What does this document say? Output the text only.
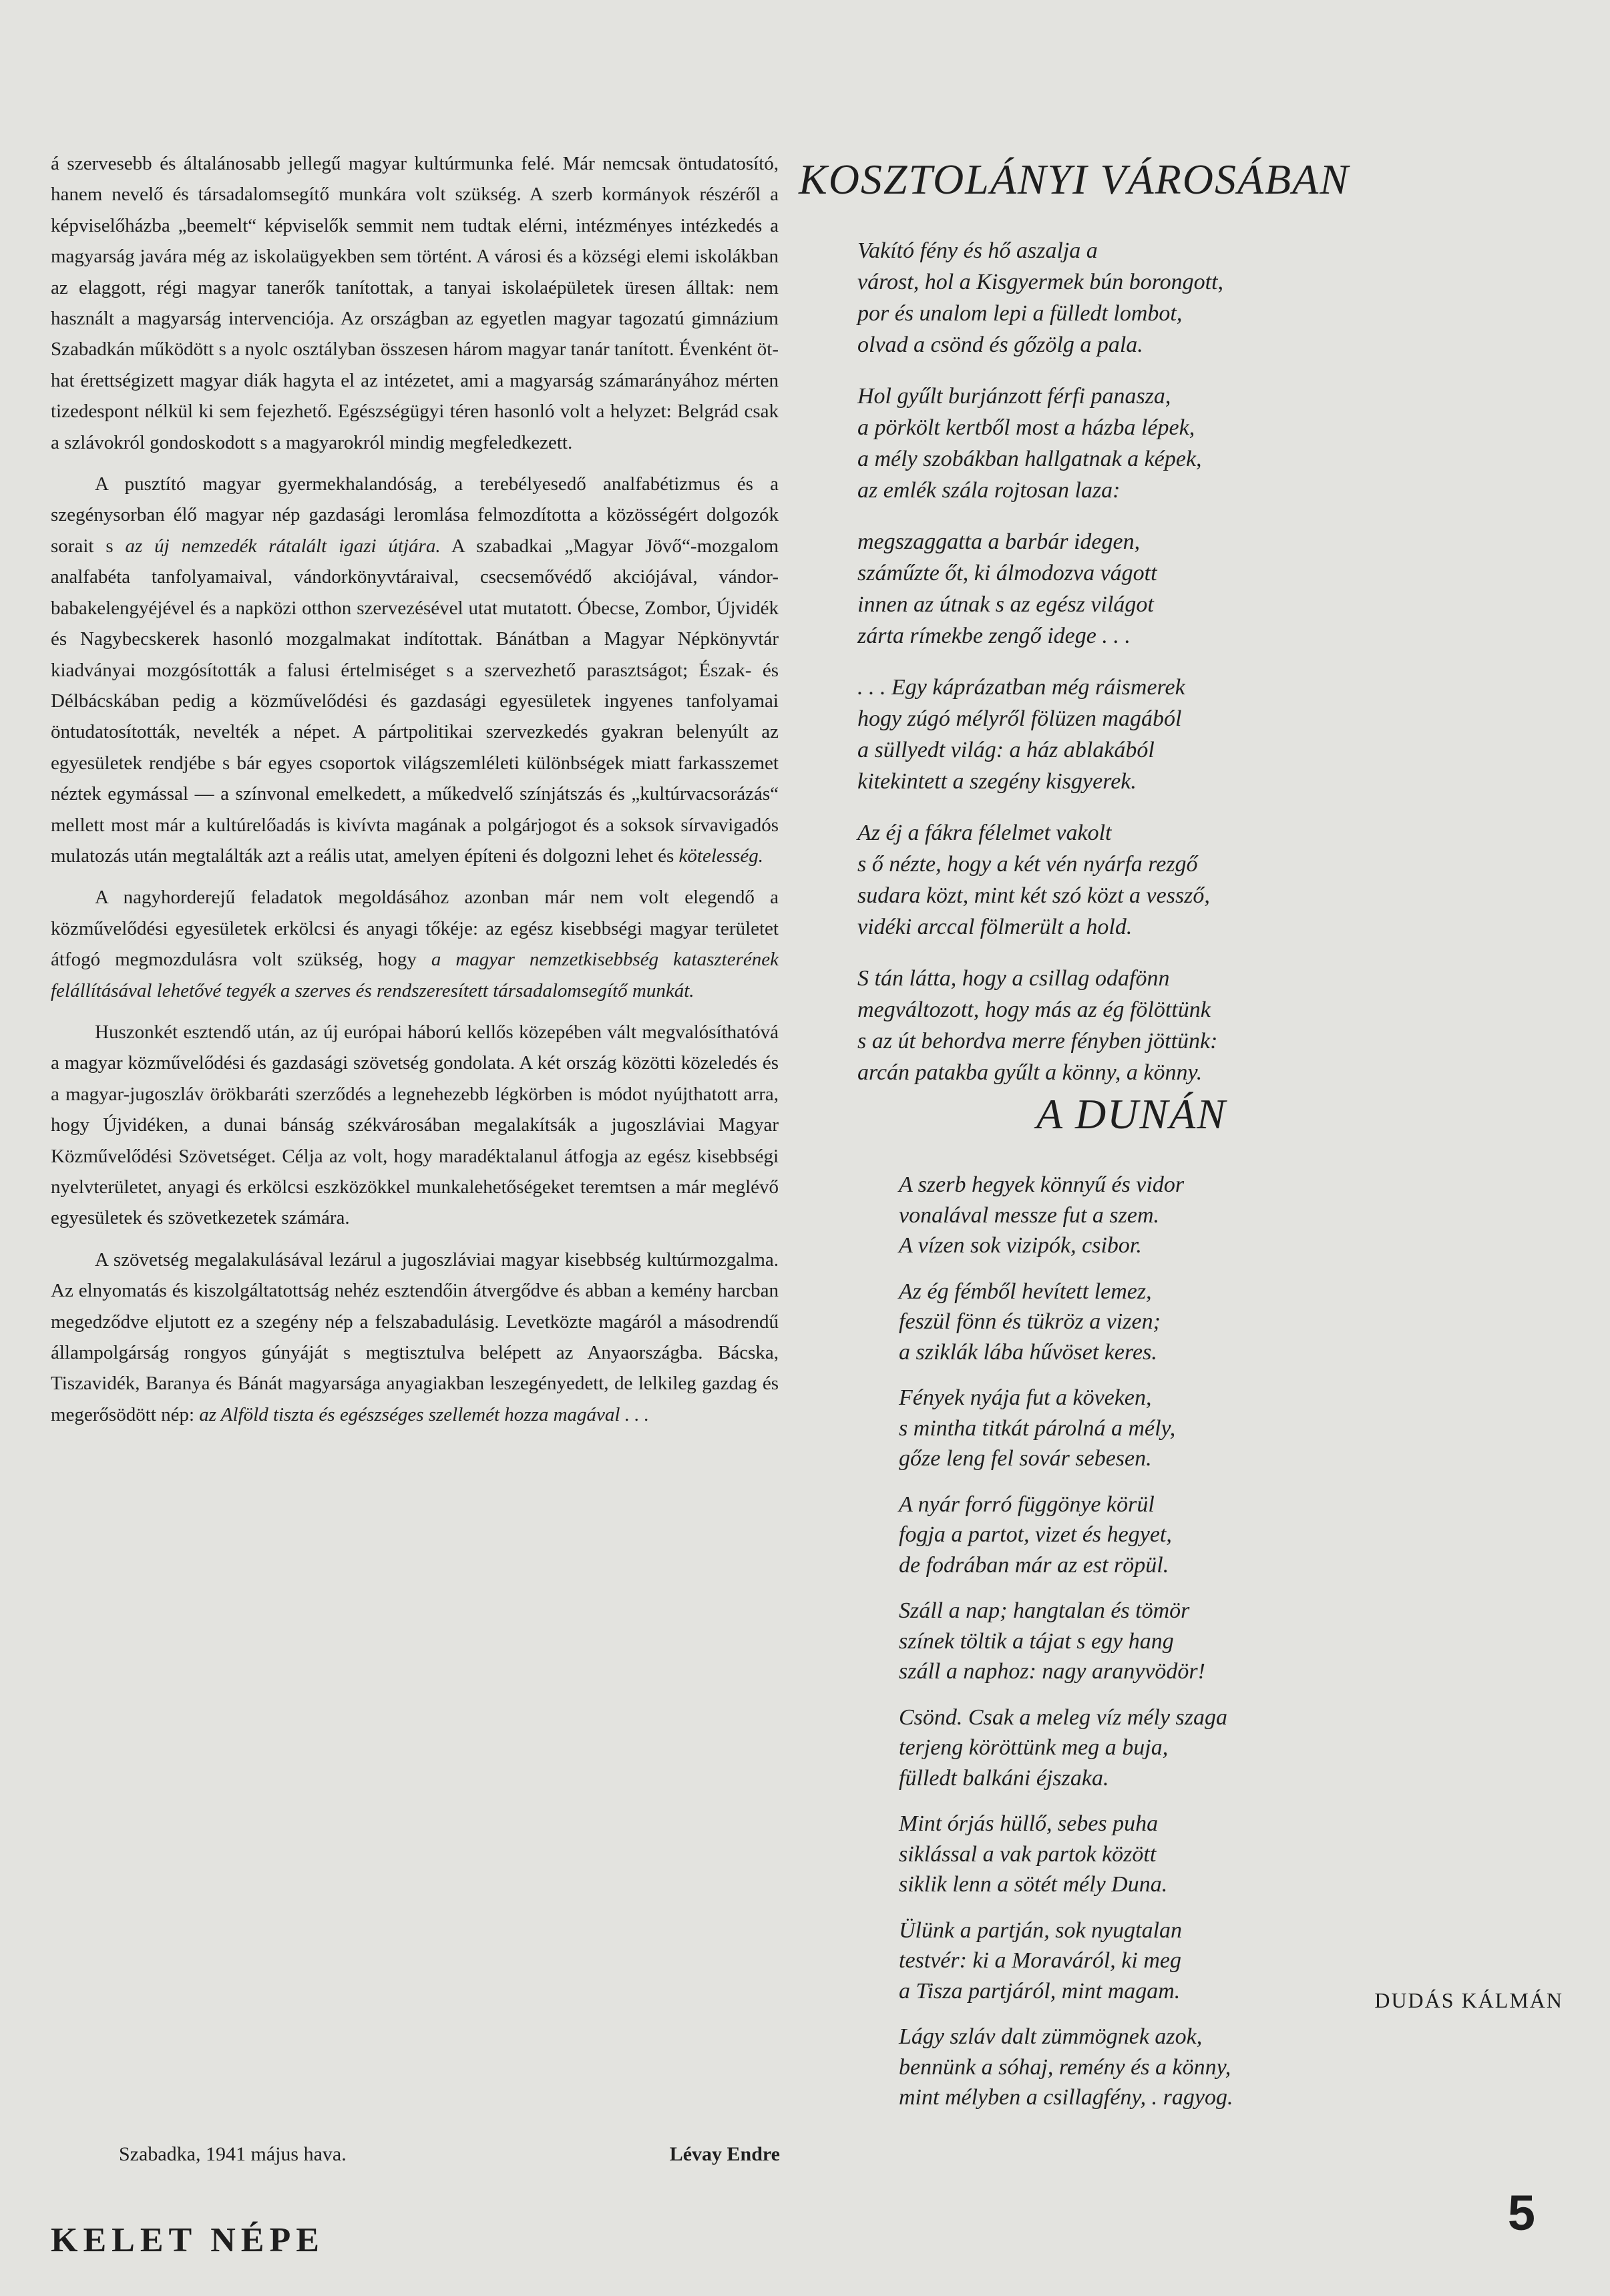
á szervesebb és általánosabb jellegű magyar kultúrmunka felé. Már nemcsak öntudatosító, hanem nevelő és társadalomsegítő munkára volt szükség. A szerb kormányok részéről a képviselőházba „beemelt“ képviselők semmit nem tudtak elérni, intézményes intézkedés a magyarság javára még az iskolaügyekben sem történt. A városi és a községi elemi iskolákban az elaggott, régi magyar tanerők tanítottak, a tanyai iskolaépületek üresen álltak: nem használt a magyarság intervenciója. Az országban az egyetlen magyar tagozatú gimnázium Szabadkán működött s a nyolc osztályban összesen három magyar tanár tanított. Évenként öt-hat érettségizett magyar diák hagyta el az intézetet, ami a magyarság számarányához mérten tizedespont nélkül ki sem fejezhető. Egészségügyi téren hasonló volt a helyzet: Belgrád csak a szlávokról gondoskodott s a magyarokról mindig megfeledkezett.

A pusztító magyar gyermekhalandóság, a terebélyesedő analfabétizmus és a szegénysorban élő magyar nép gazdasági leromlása felmozdította a közösségért dolgozók sorait s az új nemzedék rátalált igazi útjára. A szabadkai „Magyar Jövő“-mozgalom analfabéta tanfolyamaival, vándorkönyvtáraival, csecsemővédő akciójával, vándor-babakelengyéjével és a napközi otthon szervezésével utat mutatott. Óbecse, Zombor, Újvidék és Nagybecskerek hasonló mozgalmakat indítottak. Bánátban a Magyar Népkönyvtár kiadványai mozgósították a falusi értelmiséget s a szervezhető parasztságot; Észak- és Délbácskában pedig a közművelődési és gazdasági egyesületek ingyenes tanfolyamai öntudatosították, nevelték a népet. A pártpolitikai szervezkedés gyakran belenyúlt az egyesületek rendjébe s bár egyes csoportok világszemléleti különbségek miatt farkasszemet néztek egymással — a színvonal emelkedett, a műkedvelő színjátszás és „kultúrvacsorázás“ mellett most már a kultúrelőadás is kivívta magának a polgárjogot és a soksok sírvavigadós mulatozás után megtalálták azt a reális utat, amelyen építeni és dolgozni lehet és kötelesség.

A nagyhorderejű feladatok megoldásához azonban már nem volt elegendő a közművelődési egyesületek erkölcsi és anyagi tőkéje: az egész kisebbségi magyar területet átfogó megmozdulásra volt szükség, hogy a magyar nemzetkisebbség kataszterének felállításával lehetővé tegyék a szerves és rendszeresített társadalomsegítő munkát.

Huszonkét esztendő után, az új európai háború kellős közepében vált megvalósíthatóvá a magyar közművelődési és gazdasági szövetség gondolata. A két ország közötti közeledés és a magyar-jugoszláv örökbaráti szerződés a legnehezebb légkörben is módot nyújthatott arra, hogy Újvidéken, a dunai bánság székvárosában megalakítsák a jugoszláviai Magyar Közművelődési Szövetséget. Célja az volt, hogy maradéktalanul átfogja az egész kisebbségi nyelvterületet, anyagi és erkölcsi eszközökkel munkalehetőségeket teremtsen a már meglévő egyesületek és szövetkezetek számára.

A szövetség megalakulásával lezárul a jugoszláviai magyar kisebbség kultúrmozgalma. Az elnyomatás és kiszolgáltatottság nehéz esztendőin átvergődve és abban a kemény harcban megedződve eljutott ez a szegény nép a felszabadulásig. Levetközte magáról a másodrendű állampolgárság rongyos gúnyáját s megtisztulva belépett az Anyaországba. Bácska, Tiszavidék, Baranya és Bánát magyarsága anyagiakban leszegényedett, de lelkileg gazdag és megerősödött nép: az Alföld tiszta és egészséges szellemét hozza magával . . .

Szabadka, 1941 május hava.	Lévay Endre
KELET NÉPE	5
KOSZTOLÁNYI VÁROSÁBAN
Vakító fény és hő aszalja a
várost, hol a Kisgyermek bún borongott,
por és unalom lepi a fülledt lombot,
olvad a csönd és gőzölg a pala.
Hol gyűlt burjánzott férfi panasza,
a pörkölt kertből most a házba lépek,
a mély szobákban hallgatnak a képek,
az emlék szála rojtosan laza:
megszaggatta a barbár idegen,
száműzte őt, ki álmodozva vágott
innen az útnak s az egész világot
zárta rímekbe zengő idege . . .
. . . Egy káprázatban még ráismerek
hogy zúgó mélyről fölüzen magából
a süllyedt világ: a ház ablakából
kitekintett a szegény kisgyerek.
Az éj a fákra félelmet vakolt
s ő nézte, hogy a két vén nyárfa rezgő
sudara közt, mint két szó közt a vessző,
vidéki arccal fölmerült a hold.
S tán látta, hogy a csillag odafönn
megváltozott, hogy más az ég fölöttünk
s az út behordva merre fényben jöttünk:
arcán patakba gyűlt a könny, a könny.
A DUNÁN
A szerb hegyek könnyű és vidor
vonalával messze fut a szem.
A vízen sok vizipók, csibor.
Az ég fémből hevített lemez,
feszül fönn és tükröz a vizen;
a sziklák lába hűvöset keres.
Fények nyája fut a köveken,
s mintha titkát párolná a mély,
gőze leng fel sovár sebesen.
A nyár forró függönye körül
fogja a partot, vizet és hegyet,
de fodrában már az est röpül.
Száll a nap; hangtalan és tömör
színek töltik a tájat s egy hang
száll a naphoz: nagy aranyvödör!
Csönd. Csak a meleg víz mély szaga
terjeng köröttünk meg a buja,
fülledt balkáni éjszaka.
Mint órjás hüllő, sebes puha
siklással a vak partok között
siklik lenn a sötét mély Duna.
Ülünk a partján, sok nyugtalan
testvér: ki a Moraváról, ki meg
a Tisza partjáról, mint magam.
Lágy szláv dalt zümmögnek azok,
bennünk a sóhaj, remény és a könny,
mint mélyben a csillagfény, . ragyog.
DUDÁS KÁLMÁN
